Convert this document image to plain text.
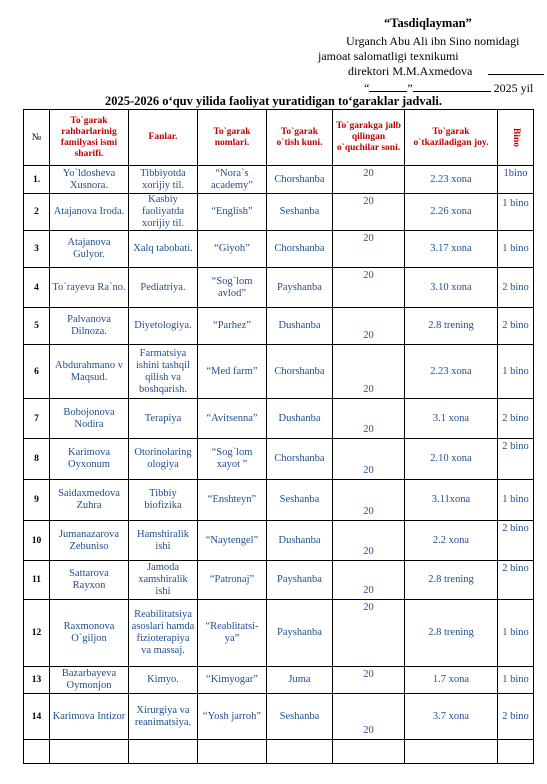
“Tasdiqlayman”
Urganch Abu Ali ibn Sino nomidagi
jamoat salomatligi texnikumi
direktori M.M.Axmedova
“	”	2025 yil
2025-2026 o‘quv yilida faoliyat yuratidigan to‘garaklar jadvali.
№	To`garak rahbarlarinig familyasi ismi sharifi.	Fanlar.	To`garak nomlari.	To`garak o`tish kuni.	To`garakga jalb qilingan o`quchilar soni.	To`garak o`tkaziladigan joy.	Bino
1.	Yo`ldosheva Xusnora.	Tibbiyotda xorijiy til.	“Nora`s academy”	Chorshanba	20	2.23 xona	1bino
2	Atajanova Iroda.	Kasbiy faoliyatda xorijiy til.	“English”	Seshanba	20	2.26 xona	1 bino
3	Atajanova Gulyor.	Xalq tabobati.	“Giyoh”	Chorshanba	20	3.17 xona	1 bino
4	To`rayeva Ra`no.	Pediatriya.	“Sog`lom avlod”	Payshanba	20	3.10 xona	2 bino
5	Palvanova Dilnoza.	Diyetologiya.	“Parhez”	Dushanba	20	2.8 trening	2 bino
6	Abdurahmano v Maqsud.	Farmatsiya ishini tashqil qilish va boshqarish.	“Med farm”	Chorshanba	20	2.23 xona	1 bino
7	Bobojonova Nodira	Terapiya	“Avitsenna”	Dushanba	20	3.1 xona	2 bino
8	Karimova Oyxonum	Otorinolaring ologiya	“Sog`lom xayot ”	Chorshanba	20	2.10 xona	2 bino
9	Saidaxmedova Zuhra	Tibbiy biofizika	“Enshteyn”	Seshanba	20	3.11xona	1 bino
10	Jumanazarova Zebuniso	Hamshiralik ishi	“Naytengel”	Dushanba	20	2.2 xona	2 bino
11	Sattarova Rayxon	Jamoda xamshiralik ishi	“Patronaj”	Payshanba	20	2.8 trening	2 bino
12	Raxmonova O`giljon	Reabilitatsiya asoslari hamda fizioterapiya va massaj.	“Reablitatsi-ya”	Payshanba	20	2.8 trening	1 bino
13	Bazarbayeva Oymonjon	Kimyo.	“Kimyogar”	Juma	20	1.7 xona	1 bino
14	Karimova Intizor	Xirurgiya va reanimatsiya.	“Yosh jarroh”	Seshanba	20	3.7 xona	2 bino
